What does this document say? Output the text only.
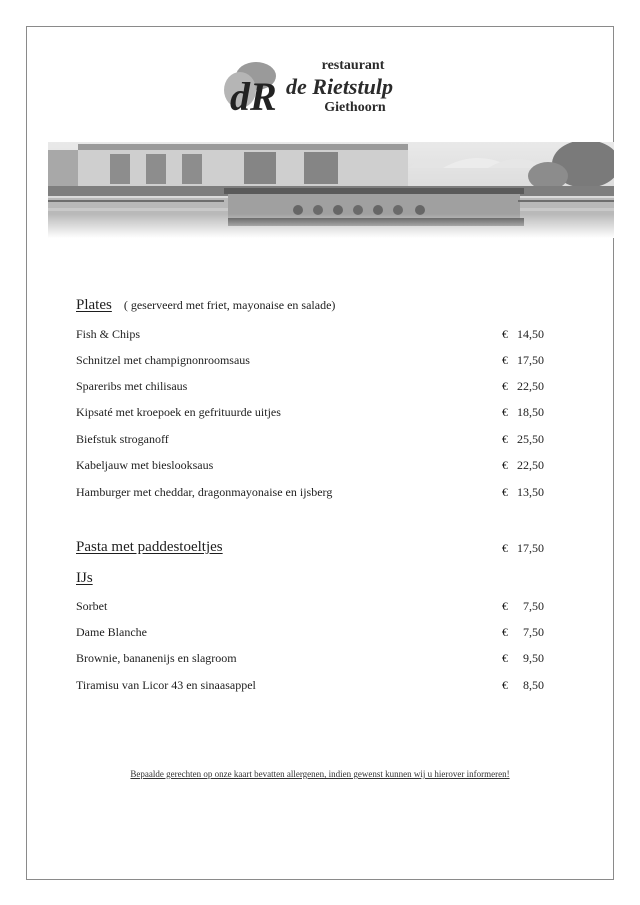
dR
restaurant
de Rietstulp
Giethoorn
Plates ( geserveerd met friet, mayonaise en salade)
Fish & Chips	€ 14,50
Schnitzel met champignonroomsaus	€ 17,50
Spareribs met chilisaus	€ 22,50
Kipsaté met kroepoek en gefrituurde uitjes	€ 18,50
Biefstuk stroganoff	€ 25,50
Kabeljauw met bieslooksaus	€ 22,50
Hamburger met cheddar, dragonmayonaise en ijsberg	€ 13,50
Pasta met paddestoeltjes	€ 17,50
IJs
Sorbet	€ 7,50
Dame Blanche	€ 7,50
Brownie, bananenijs en slagroom	€ 9,50
Tiramisu van Licor 43 en sinaasappel	€ 8,50
Bepaalde gerechten op onze kaart bevatten allergenen, indien gewenst kunnen wij u hierover informeren!
